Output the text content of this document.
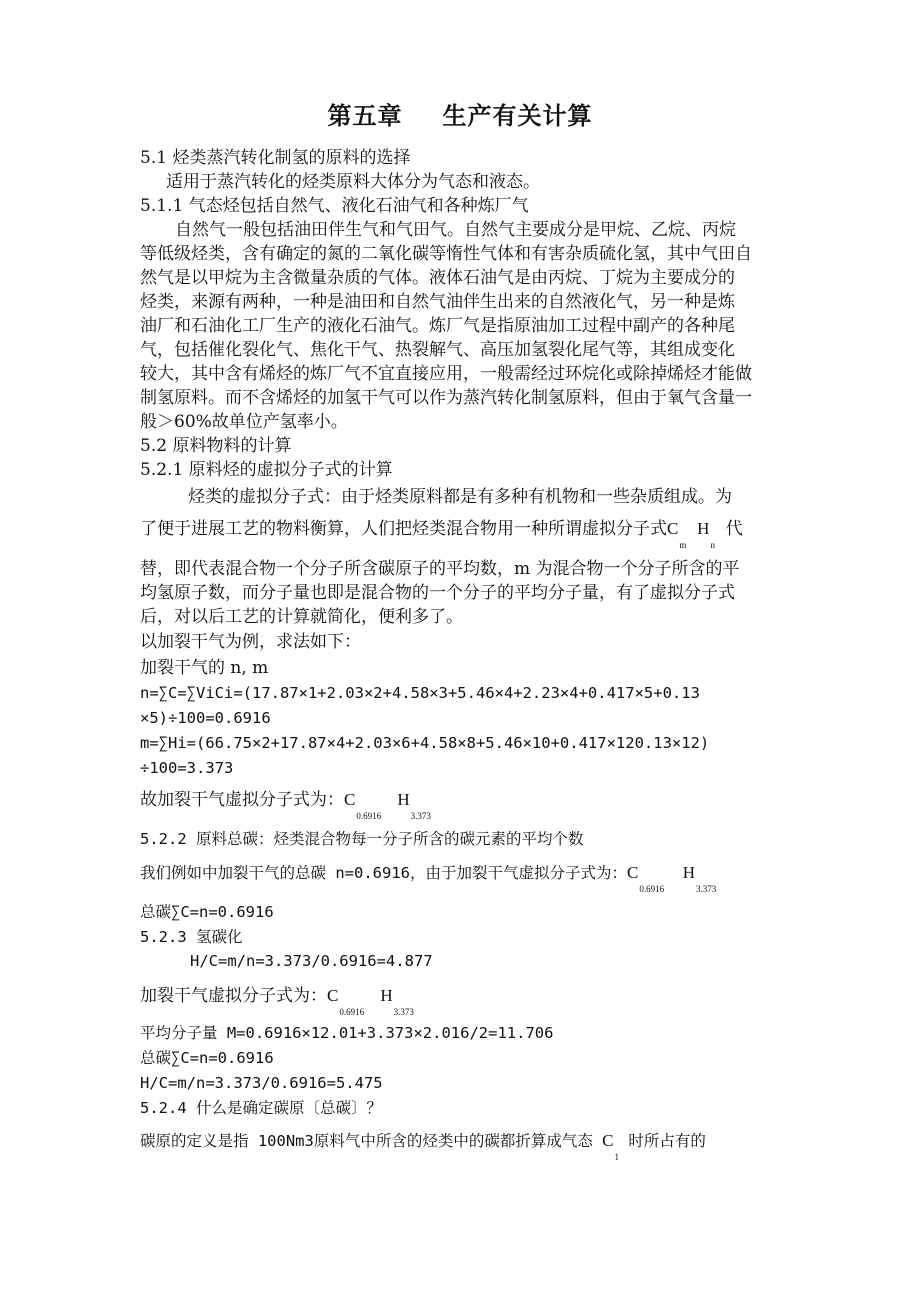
第五章 生产有关计算
5.1 烃类蒸汽转化制氢的原料的选择
适用于蒸汽转化的烃类原料大体分为气态和液态。
5.1.1 气态烃包括自然气、液化石油气和各种炼厂气
自然气一般包括油田伴生气和气田气。自然气主要成分是甲烷、乙烷、丙烷
等低级烃类，含有确定的氮的二氧化碳等惰性气体和有害杂质硫化氢，其中气田自
然气是以甲烷为主含微量杂质的气体。液体石油气是由丙烷、丁烷为主要成分的
烃类，来源有两种，一种是油田和自然气油伴生出来的自然液化气，另一种是炼
油厂和石油化工厂生产的液化石油气。炼厂气是指原油加工过程中副产的各种尾
气，包括催化裂化气、焦化干气、热裂解气、高压加氢裂化尾气等，其组成变化
较大，其中含有烯烃的炼厂气不宜直接应用，一般需经过环烷化或除掉烯烃才能做
制氢原料。而不含烯烃的加氢干气可以作为蒸汽转化制氢原料，但由于氧气含量一
般＞60%故单位产氢率小。
5.2 原料物料的计算
5.2.1 原料烃的虚拟分子式的计算
烃类的虚拟分子式：由于烃类原料都是有多种有机物和一些杂质组成。为
了便于进展工艺的物料衡算，人们把烃类混合物用一种所谓虚拟分子式$C_m$  $H_n$  代
替，即代表混合物一个分子所含碳原子的平均数，m 为混合物一个分子所含的平
均氢原子数，而分子量也即是混合物的一个分子的平均分子量，有了虚拟分子式
后，对以后工艺的计算就简化，便利多了。
以加裂干气为例，求法如下：
加裂干气的 n, m
n=∑C=∑ViCi=(17.87×1+2.03×2+4.58×3+5.46×4+2.23×4+0.417×5+0.13
×5)÷100=0.6916
m=∑Hi=(66.75×2+17.87×4+2.03×6+4.58×8+5.46×10+0.417×120.13×12)
÷100=3.373
故加裂干气虚拟分子式为：$C_{0.6916}$   $H_{3.373}$
5.2.2 原料总碳：烃类混合物每一分子所含的碳元素的平均个数
我们例如中加裂干气的总碳 n=0.6916，由于加裂干气虚拟分子式为：$C_{0.6916}$  $H_{3.373}$
总碳∑C=n=0.6916
5.2.3 氢碳化
H/C=m/n=3.373/0.6916=4.877
加裂干气虚拟分子式为：$C_{0.6916}$   $H_{3.373}$
平均分子量 M=0.6916×12.01+3.373×2.016/2=11.706
总碳∑C=n=0.6916
H/C=m/n=3.373/0.6916=5.475
5.2.4 什么是确定碳原〔总碳〕？
碳原的定义是指 100Nm3原料气中所含的烃类中的碳都折算成气态 $C_1$ 时所占有的
